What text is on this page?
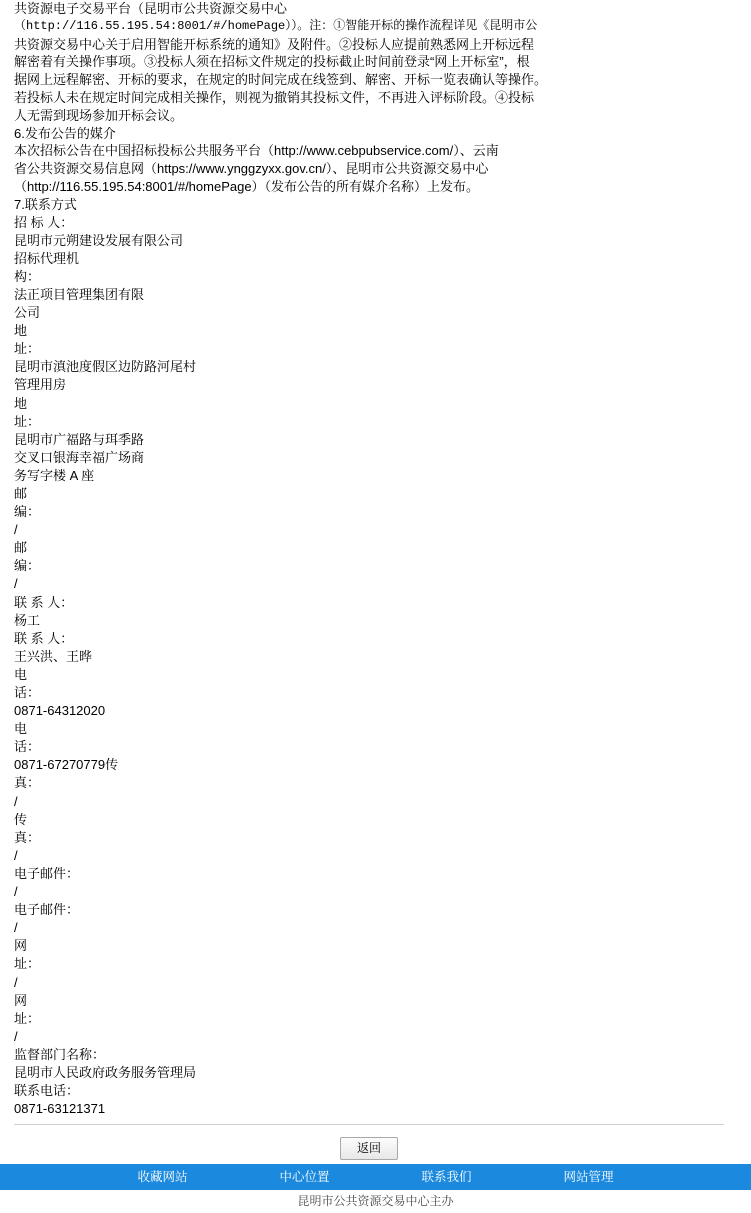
共资源电子交易平台（昆明市公共资源交易中心
（http://116.55.195.54:8001/#/homePage））。注：①智能开标的操作流程详见《昆明市公
共资源交易中心关于启用智能开标系统的通知》及附件。②投标人应提前熟悉网上开标远程
解密着有关操作事项。③投标人须在招标文件规定的投标截止时间前登录“网上开标室”，根
据网上远程解密、开标的要求，在规定的时间完成在线签到、解密、开标一览表确认等操作。
若投标人未在规定时间完成相关操作，则视为撤销其投标文件，不再进入评标阶段。④投标
人无需到现场参加开标会议。
6.发布公告的媒介
本次招标公告在中国招标投标公共服务平台（http://www.cebpubservice.com/）、云南
省公共资源交易信息网（https://www.ynggzyxx.gov.cn/）、昆明市公共资源交易中心
（http://116.55.195.54:8001/#/homePage）（发布公告的所有媒介名称）上发布。
7.联系方式
招 标 人：
昆明市元朔建设发展有限公司
招标代理机
构：
法正项目管理集团有限
公司
地
址：
昆明市滇池度假区边防路河尾村
管理用房
地
址：
昆明市广福路与珥季路
交叉口银海幸福广场商
务写字楼 A 座
邮
编：
/
邮
编：
/
联 系 人：
杨工
联 系 人：
王兴洪、王晔
电
话：
0871-64312020
电
话：
0871-67270779传
真：
/
传
真：
/
电子邮件：
/
电子邮件：
/
网
址：
/
网
址：
/
监督部门名称：
昆明市人民政府政务服务管理局
联系电话：
0871-63121371
返回
收藏网站	中心位置	联系我们	网站管理
昆明市公共资源交易中心主办
